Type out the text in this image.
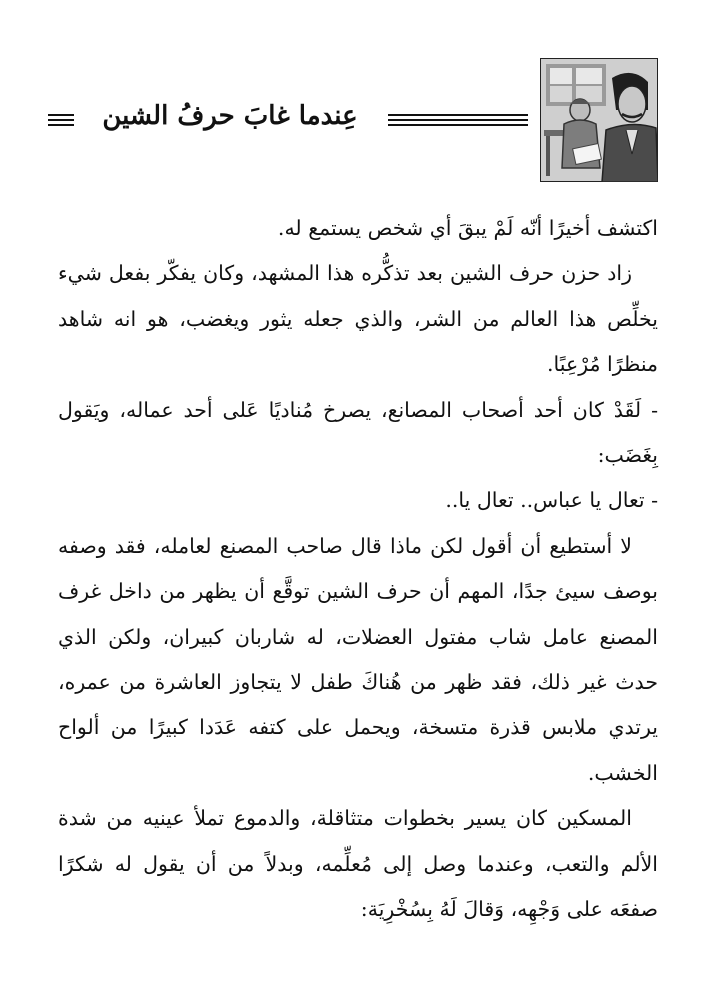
عِندما غابَ حرفُ الشين

اكتشف أخيرًا أنّه لَمْ يبقَ أي شخص يستمع له.

زاد حزن حرف الشين بعد تذكُّره هذا المشهد، وكان يفكّر بفعل شيء يخلِّص هذا العالم من الشر، والذي جعله يثور ويغضب، هو انه شاهد منظرًا مُرْعِبًا.

- لَقَدْ كان أحد أصحاب المصانع، يصرخ مُناديًا عَلى أحد عماله، ويَقول بِغَضَب:

- تعال يا عباس.. تعال يا..

لا أستطيع أن أقول لكن ماذا قال صاحب المصنع لعامله، فقد وصفه بوصف سيئ جدًا، المهم أن حرف الشين توقَّع أن يظهر من داخل غرف المصنع عامل شاب مفتول العضلات، له شاربان كبيران، ولكن الذي حدث غير ذلك، فقد ظهر من هُناكَ طفل لا يتجاوز العاشرة من عمره، يرتدي ملابس قذرة متسخة، ويحمل على كتفه عَدَدا كبيرًا من ألواح الخشب.

المسكين كان يسير بخطوات متثاقلة، والدموع تملأ عينيه من شدة الألم والتعب، وعندما وصل إلى مُعلِّمه، وبدلاً من أن يقول له شكرًا صفعَه على وَجْهِه، وَقالَ لَهُ بِسُخْرِيَة:
